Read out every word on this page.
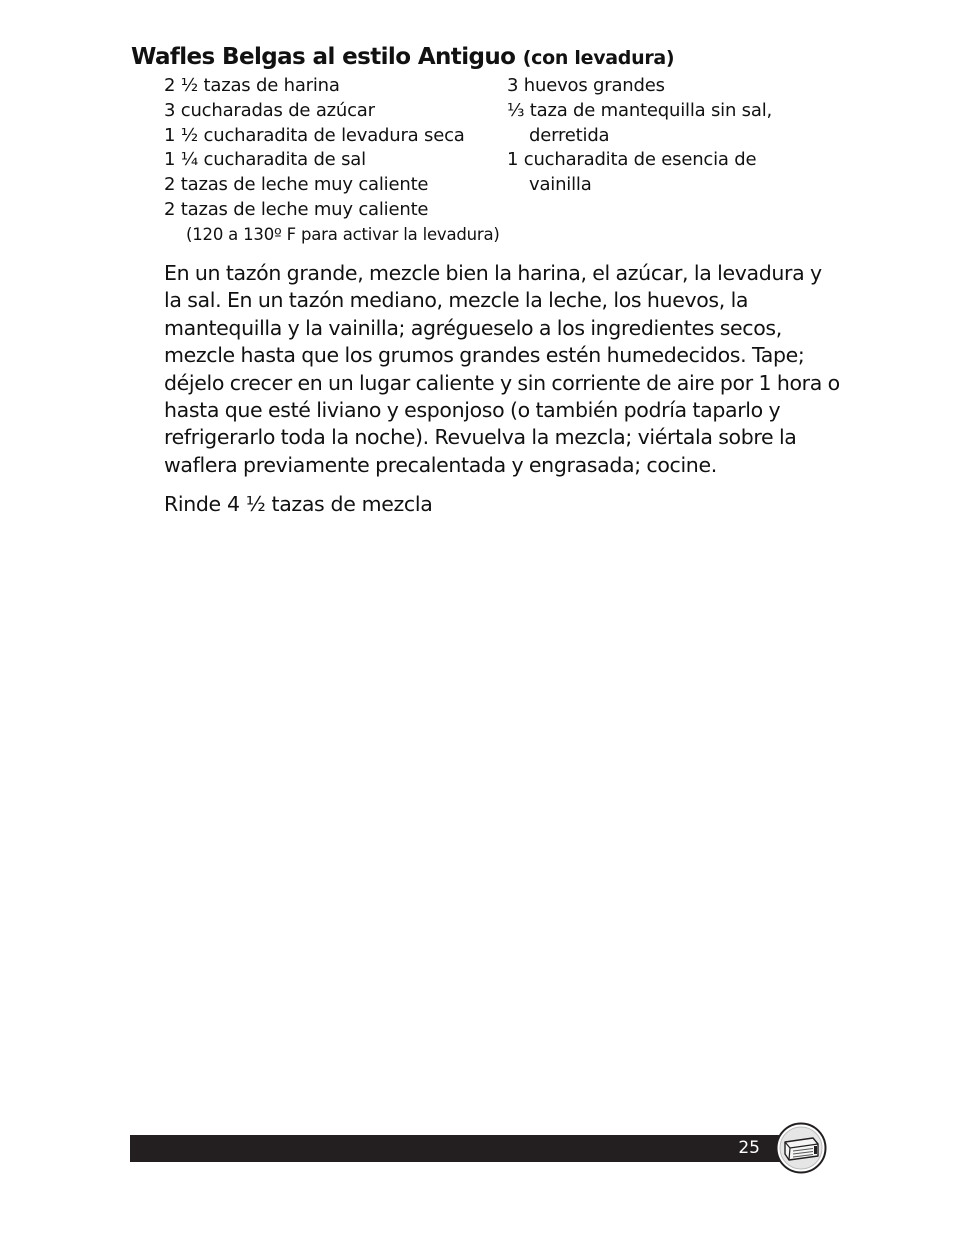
Wafles Belgas al estilo Antiguo (con levadura)
2 ½ tazas de harina
3 cucharadas de azúcar
1 ½ cucharadita de levadura seca
1 ¼ cucharadita de sal
2 tazas de leche muy caliente
2 tazas de leche muy caliente
(120 a 130º F para activar la levadura)
3 huevos grandes
⅓ taza de mantequilla sin sal,
derretida
1 cucharadita de esencia de
vainilla

En un tazón grande, mezcle bien la harina, el azúcar, la levadura y la sal. En un tazón mediano, mezcle la leche, los huevos, la mantequilla y la vainilla; agrégueselo a los ingredientes secos, mezcle hasta que los grumos grandes estén humedecidos. Tape; déjelo crecer en un lugar caliente y sin corriente de aire por 1 hora o hasta que esté liviano y esponjoso (o también podría taparlo y refrigerarlo toda la noche). Revuelva la mezcla; viértala sobre la waflera previamente precalentada y engrasada; cocine.

Rinde 4 ½ tazas de mezcla

25
